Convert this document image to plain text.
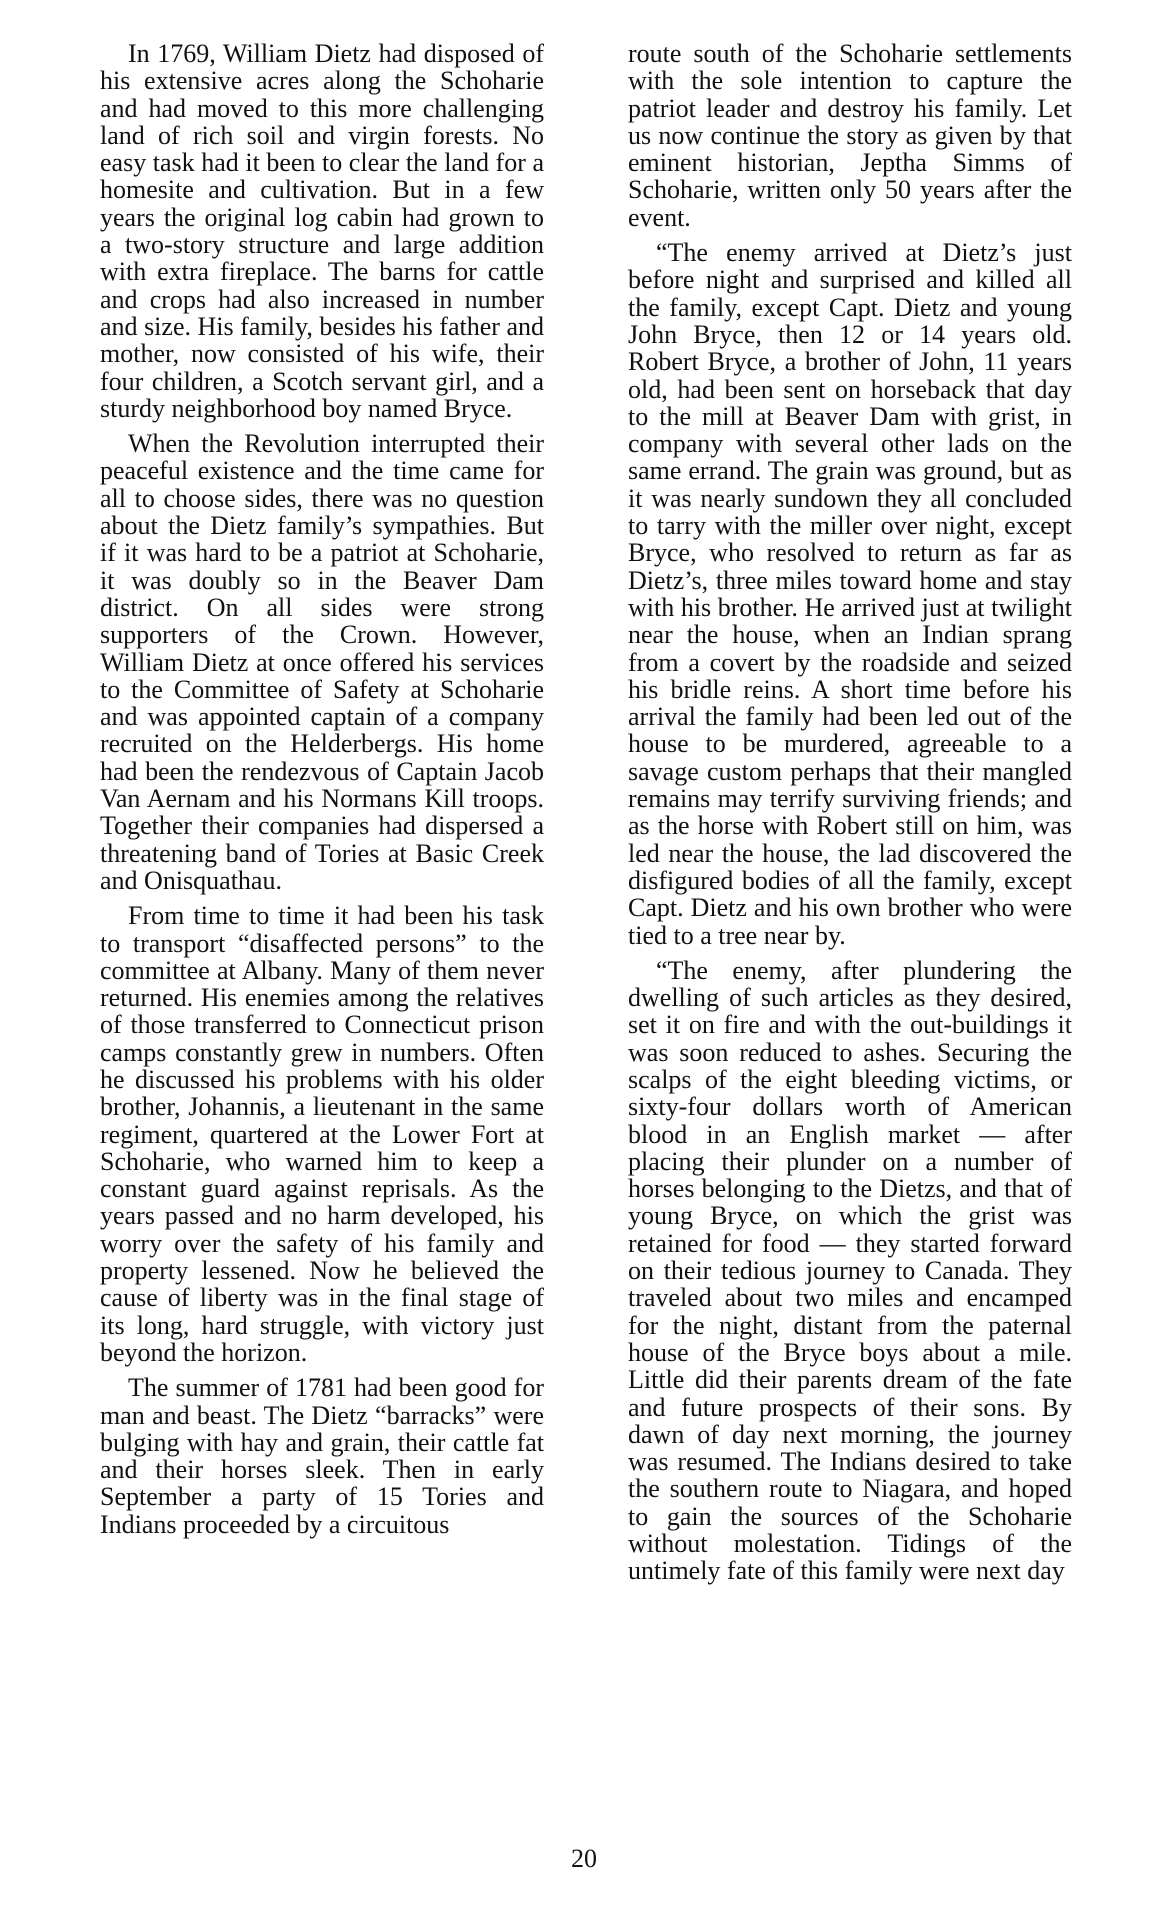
In 1769, William Dietz had disposed of his extensive acres along the Schoharie and had moved to this more challenging land of rich soil and virgin forests. No easy task had it been to clear the land for a homesite and cultivation. But in a few years the original log cabin had grown to a two-story structure and large addition with extra fireplace. The barns for cattle and crops had also increased in number and size. His family, besides his father and mother, now consisted of his wife, their four children, a Scotch servant girl, and a sturdy neighborhood boy named Bryce.

When the Revolution interrupted their peaceful existence and the time came for all to choose sides, there was no question about the Dietz family’s sympathies. But if it was hard to be a patriot at Schoharie, it was doubly so in the Beaver Dam district. On all sides were strong supporters of the Crown. However, William Dietz at once offered his services to the Committee of Safety at Schoharie and was appointed captain of a company recruited on the Helderbergs. His home had been the rendezvous of Captain Jacob Van Aernam and his Normans Kill troops. Together their companies had dispersed a threatening band of Tories at Basic Creek and Onisquathau.

From time to time it had been his task to transport “disaffected persons” to the committee at Albany. Many of them never returned. His enemies among the relatives of those transferred to Connecticut prison camps constantly grew in numbers. Often he discussed his problems with his older brother, Johannis, a lieutenant in the same regiment, quartered at the Lower Fort at Schoharie, who warned him to keep a constant guard against reprisals. As the years passed and no harm developed, his worry over the safety of his family and property lessened. Now he believed the cause of liberty was in the final stage of its long, hard struggle, with victory just beyond the horizon.

The summer of 1781 had been good for man and beast. The Dietz “barracks” were bulging with hay and grain, their cattle fat and their horses sleek. Then in early September a party of 15 Tories and Indians proceeded by a circuitous

route south of the Schoharie settlements with the sole intention to capture the patriot leader and destroy his family. Let us now continue the story as given by that eminent historian, Jeptha Simms of Schoharie, written only 50 years after the event.

“The enemy arrived at Dietz’s just before night and surprised and killed all the family, except Capt. Dietz and young John Bryce, then 12 or 14 years old. Robert Bryce, a brother of John, 11 years old, had been sent on horseback that day to the mill at Beaver Dam with grist, in company with several other lads on the same errand. The grain was ground, but as it was nearly sundown they all concluded to tarry with the miller over night, except Bryce, who resolved to return as far as Dietz’s, three miles toward home and stay with his brother. He arrived just at twilight near the house, when an Indian sprang from a covert by the roadside and seized his bridle reins. A short time before his arrival the family had been led out of the house to be murdered, agreeable to a savage custom perhaps that their mangled remains may terrify surviving friends; and as the horse with Robert still on him, was led near the house, the lad discovered the disfigured bodies of all the family, except Capt. Dietz and his own brother who were tied to a tree near by.

“The enemy, after plundering the dwelling of such articles as they desired, set it on fire and with the out-buildings it was soon reduced to ashes. Securing the scalps of the eight bleeding victims, or sixty-four dollars worth of American blood in an English market — after placing their plunder on a number of horses belonging to the Dietzs, and that of young Bryce, on which the grist was retained for food — they started forward on their tedious journey to Canada. They traveled about two miles and encamped for the night, distant from the paternal house of the Bryce boys about a mile. Little did their parents dream of the fate and future prospects of their sons. By dawn of day next morning, the journey was resumed. The Indians desired to take the southern route to Niagara, and hoped to gain the sources of the Schoharie without molestation. Tidings of the untimely fate of this family were next day

20
